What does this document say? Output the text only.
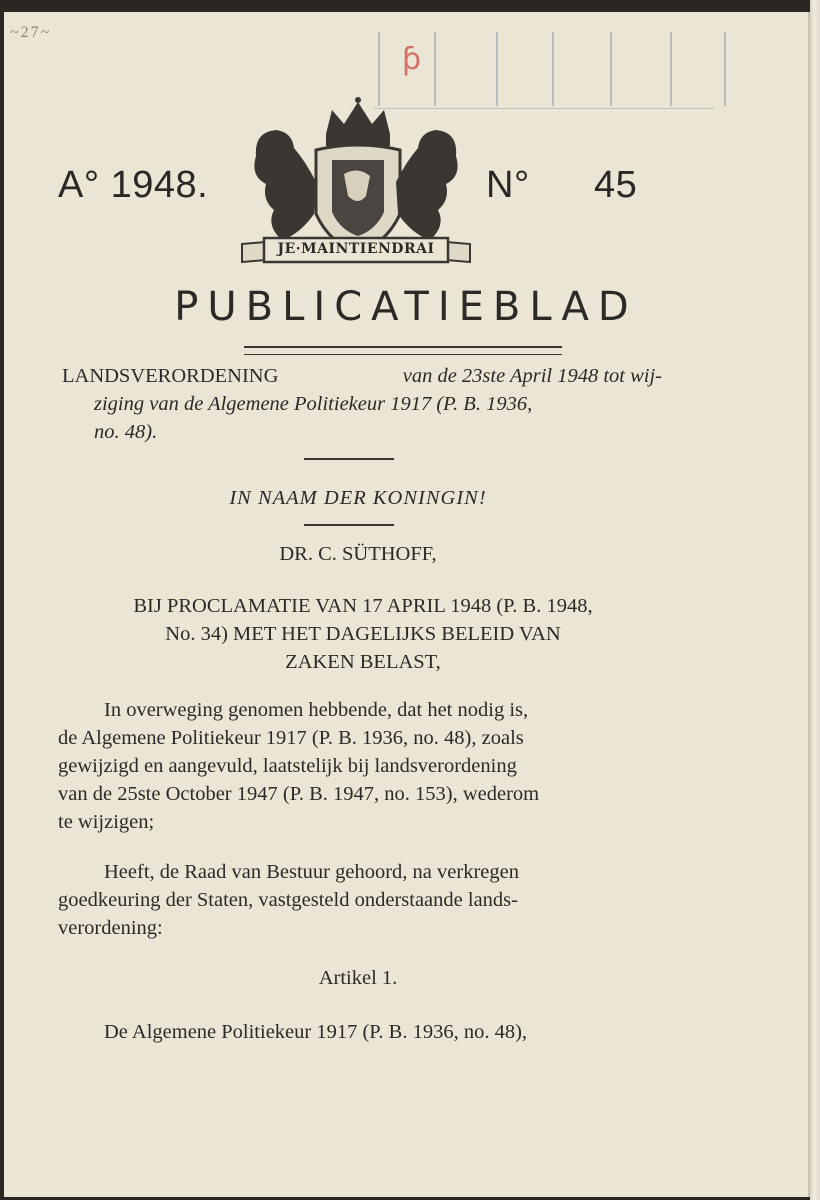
~27~
ƥ
A° 1948.	N° 45
JE·MAINTIENDRAI
PUBLICATIEBLAD
LANDSVERORDENING	van de 23ste April 1948 tot wij-
ziging van de Algemene Politiekeur 1917 (P. B. 1936,
no. 48).
IN NAAM DER KONINGIN!
DR. C. SÜTHOFF,
BIJ PROCLAMATIE VAN 17 APRIL 1948 (P. B. 1948,
No. 34) MET HET DAGELIJKS BELEID VAN
ZAKEN BELAST,
In overweging genomen hebbende, dat het nodig is,
de Algemene Politiekeur 1917 (P. B. 1936, no. 48), zoals
gewijzigd en aangevuld, laatstelijk bij landsverordening
van de 25ste October 1947 (P. B. 1947, no. 153), wederom
te wijzigen;
Heeft, de Raad van Bestuur gehoord, na verkregen
goedkeuring der Staten, vastgesteld onderstaande lands-
verordening:
Artikel 1.
De Algemene Politiekeur 1917 (P. B. 1936, no. 48),
